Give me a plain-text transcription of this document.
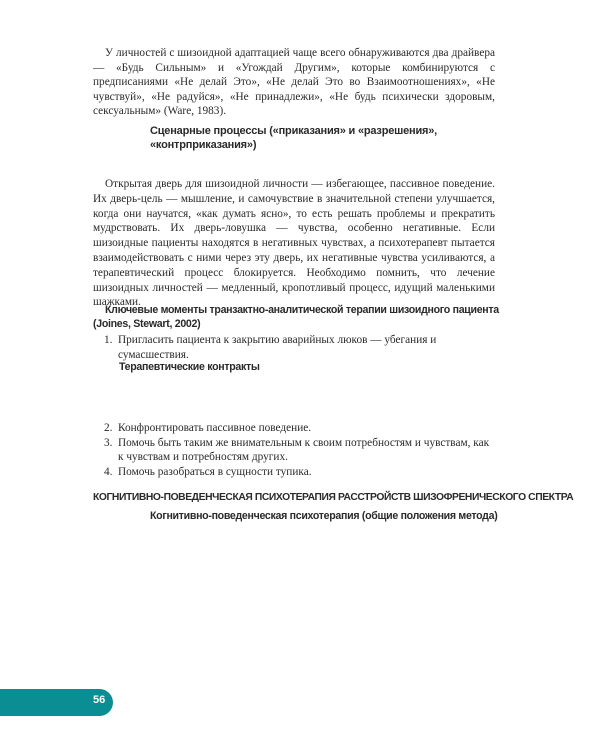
У личностей с шизоидной адаптацией чаще всего обнаруживаются два драйвера — «Будь Сильным» и «Угождай Другим», которые комбинируются с предписаниями «Не делай Это», «Не делай Это во Взаимоотношениях», «Не чувствуй», «Не радуйся», «Не принадлежи», «Не будь психически здоровым, сексуальным» (Ware, 1983).

Сценарные процессы («приказания» и «разрешения», «контрприказания»)

Открытая дверь для шизоидной личности — избегающее, пассивное поведение. Их дверь-цель — мышление, и самочувствие в значительной степени улучшается, когда они научатся, «как думать ясно», то есть решать проблемы и прекратить мудрствовать. Их дверь-ловушка — чувства, особенно негативные. Если шизоидные пациенты находятся в негативных чувствах, а психотерапевт пытается взаимодействовать с ними через эту дверь, их негативные чувства усиливаются, а терапевтический процесс блокируется. Необходимо помнить, что лечение шизоидных личностей — медленный, кропотливый процесс, идущий маленькими шажками.

Ключевые моменты транзактно-аналитической терапии шизоидного пациента (Joines, Stewart, 2002)
1. Пригласить пациента к закрытию аварийных люков — убегания и сумасшествия.
Терапевтические контракты
2. Конфронтировать пассивное поведение.
3. Помочь быть таким же внимательным к своим потребностям и чувствам, как к чувствам и потребностям других.
4. Помочь разобраться в сущности тупика.
КОГНИТИВНО-ПОВЕДЕНЧЕСКАЯ ПСИХОТЕРАПИЯ РАССТРОЙСТВ ШИЗОФРЕНИЧЕСКОГО СПЕКТРА
Когнитивно-поведенческая психотерапия (общие положения метода)
56
